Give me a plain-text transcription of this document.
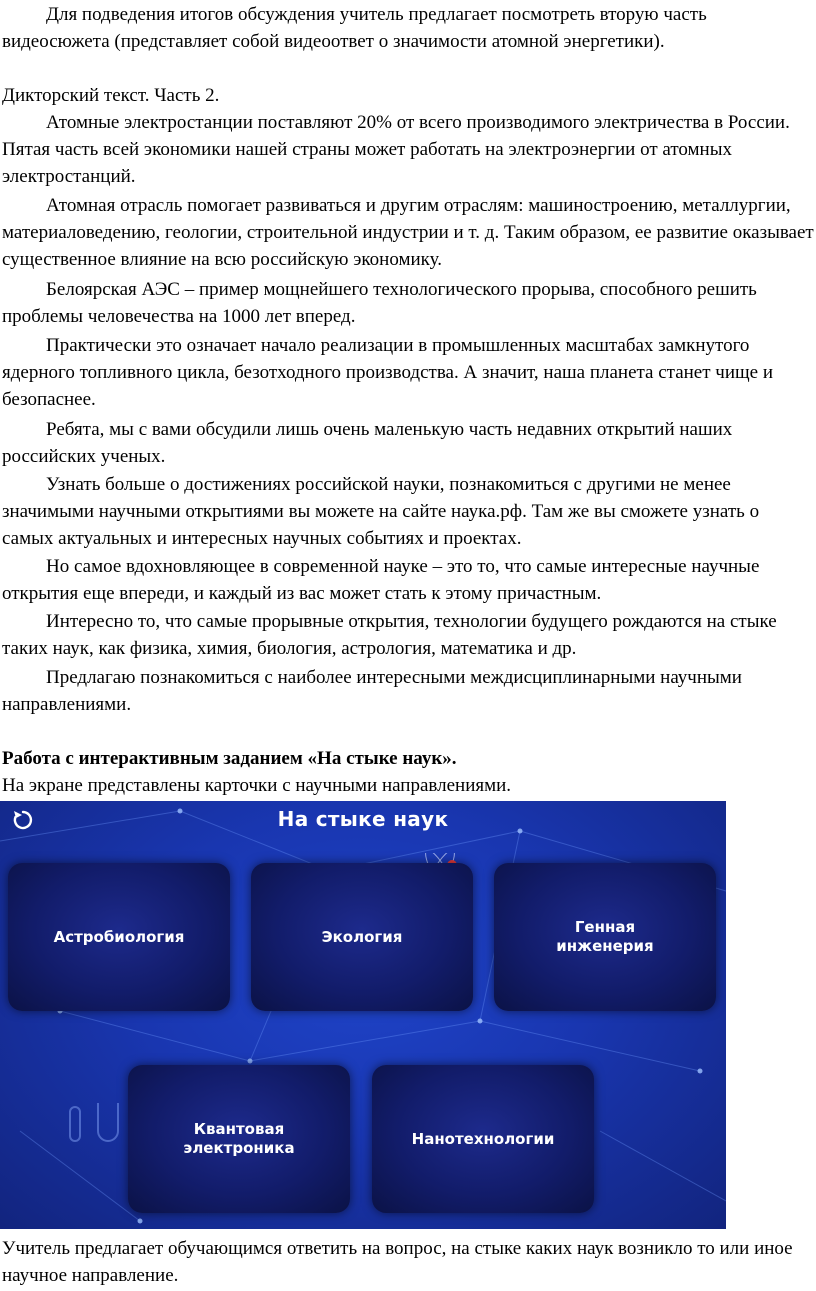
Для подведения итогов обсуждения учитель предлагает посмотреть вторую часть видеосюжета (представляет собой видеоответ о значимости атомной энергетики).

Дикторский текст. Часть 2.

Атомные электростанции поставляют 20% от всего производимого электричества в России. Пятая часть всей экономики нашей страны может работать на электроэнергии от атомных электростанций.

Атомная отрасль помогает развиваться и другим отраслям: машиностроению, металлургии, материаловедению, геологии, строительной индустрии и т. д. Таким образом, ее развитие оказывает существенное влияние на всю российскую экономику.

Белоярская АЭС – пример мощнейшего технологического прорыва, способного решить проблемы человечества на 1000 лет вперед.

Практически это означает начало реализации в промышленных масштабах замкнутого ядерного топливного цикла, безотходного производства. А значит, наша планета станет чище и безопаснее.

Ребята, мы с вами обсудили лишь очень маленькую часть недавних открытий наших российских ученых.

Узнать больше о достижениях российской науки, познакомиться с другими не менее значимыми научными открытиями вы можете на сайте наука.рф. Там же вы сможете узнать о самых актуальных и интересных научных событиях и проектах.

Но самое вдохновляющее в современной науке – это то, что самые интересные научные открытия еще впереди, и каждый из вас может стать к этому причастным.

Интересно то, что самые прорывные открытия, технологии будущего рождаются на стыке таких наук, как физика, химия, биология, астрология, математика и др.

Предлагаю познакомиться с наиболее интересными междисциплинарными научными направлениями.

Работа с интерактивным заданием «На стыке наук».

На экране представлены карточки с научными направлениями.

Учитель предлагает обучающимся ответить на вопрос, на стыке каких наук возникло то или иное научное направление.

На стыке наук
Астробиология	Экология
Генная
инженерия
Квантовая
электроника
Нанотехнологии
